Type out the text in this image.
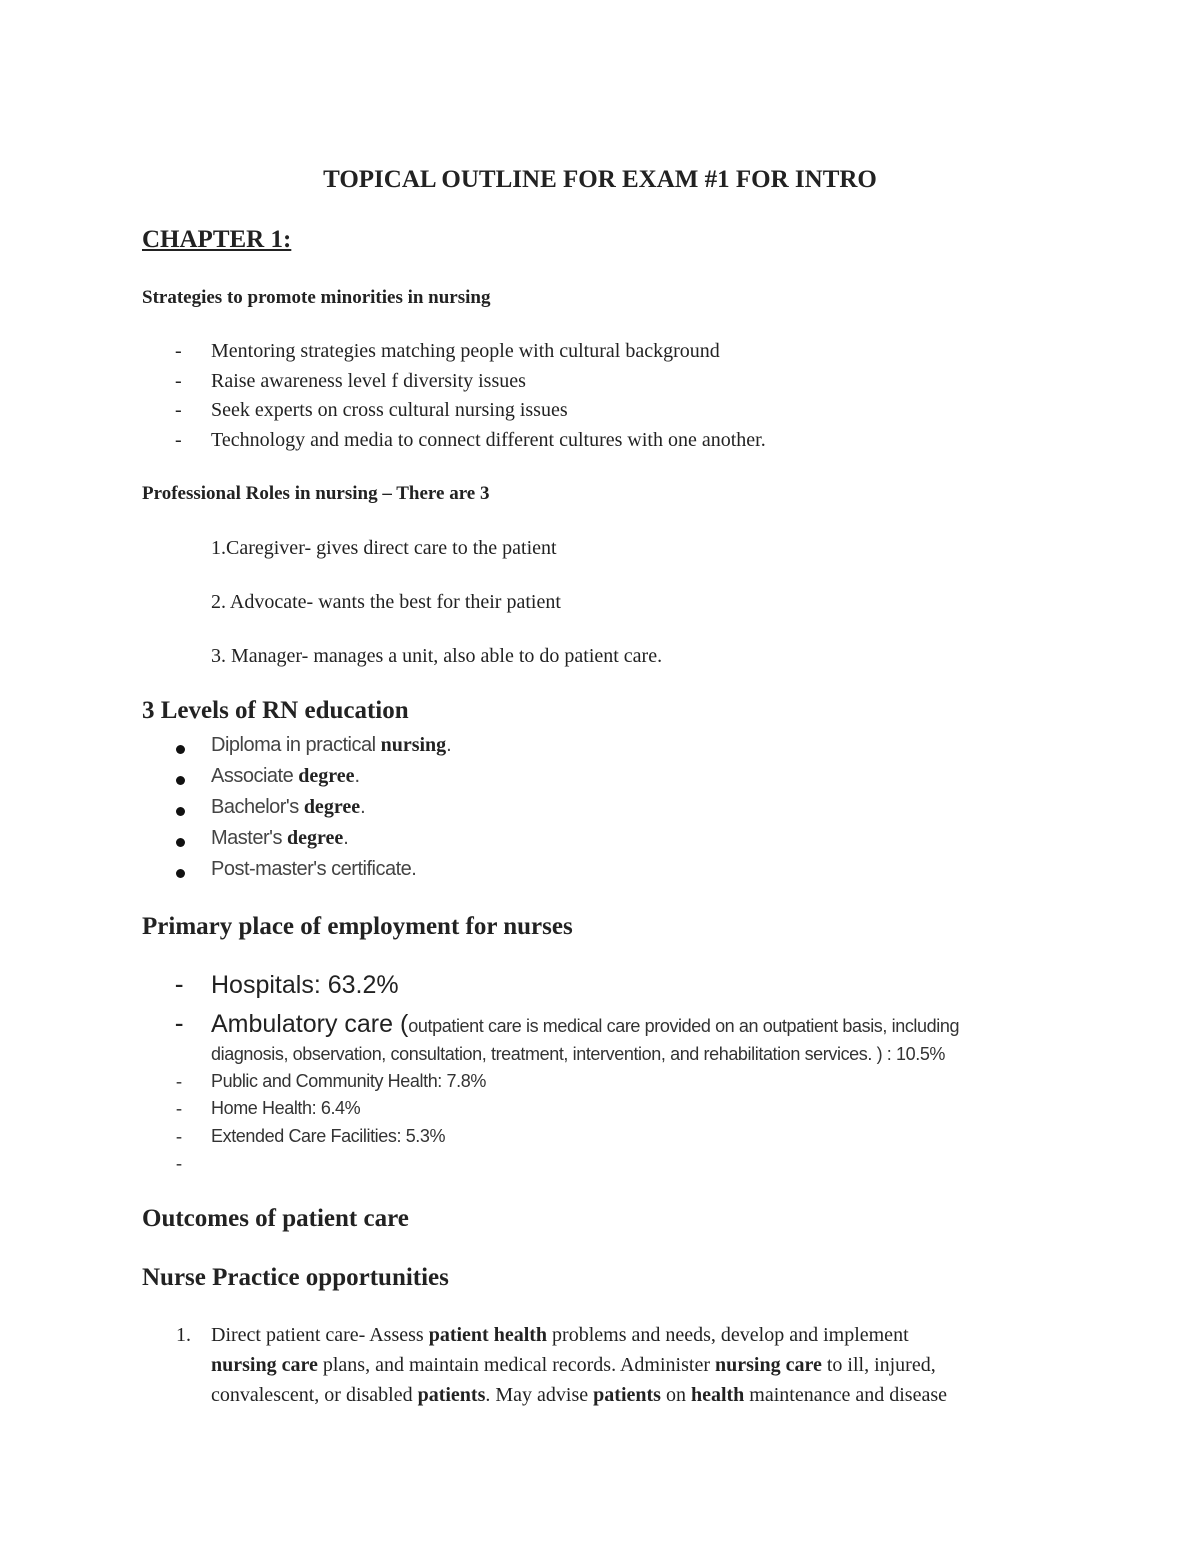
TOPICAL OUTLINE FOR EXAM #1 FOR INTRO
CHAPTER 1:
Strategies to promote minorities in nursing
- Mentoring strategies matching people with cultural background
- Raise awareness level f diversity issues
- Seek experts on cross cultural nursing issues
- Technology and media to connect different cultures with one another.
Professional Roles in nursing – There are 3
1.Caregiver- gives direct care to the patient
2. Advocate- wants the best for their patient
3. Manager- manages a unit, also able to do patient care.
3 Levels of RN education
Diploma in practical nursing.
Associate degree.
Bachelor's degree.
Master's degree.
Post-master's certificate.
Primary place of employment for nurses
- Hospitals: 63.2%
- Ambulatory care (outpatient care is medical care provided on an outpatient basis, including
diagnosis, observation, consultation, treatment, intervention, and rehabilitation services. ) : 10.5%
- Public and Community Health: 7.8%
- Home Health: 6.4%
- Extended Care Facilities: 5.3%
-
Outcomes of patient care
Nurse Practice opportunities
1. Direct patient care- Assess patient health problems and needs, develop and implement
nursing care plans, and maintain medical records. Administer nursing care to ill, injured,
convalescent, or disabled patients. May advise patients on health maintenance and disease
